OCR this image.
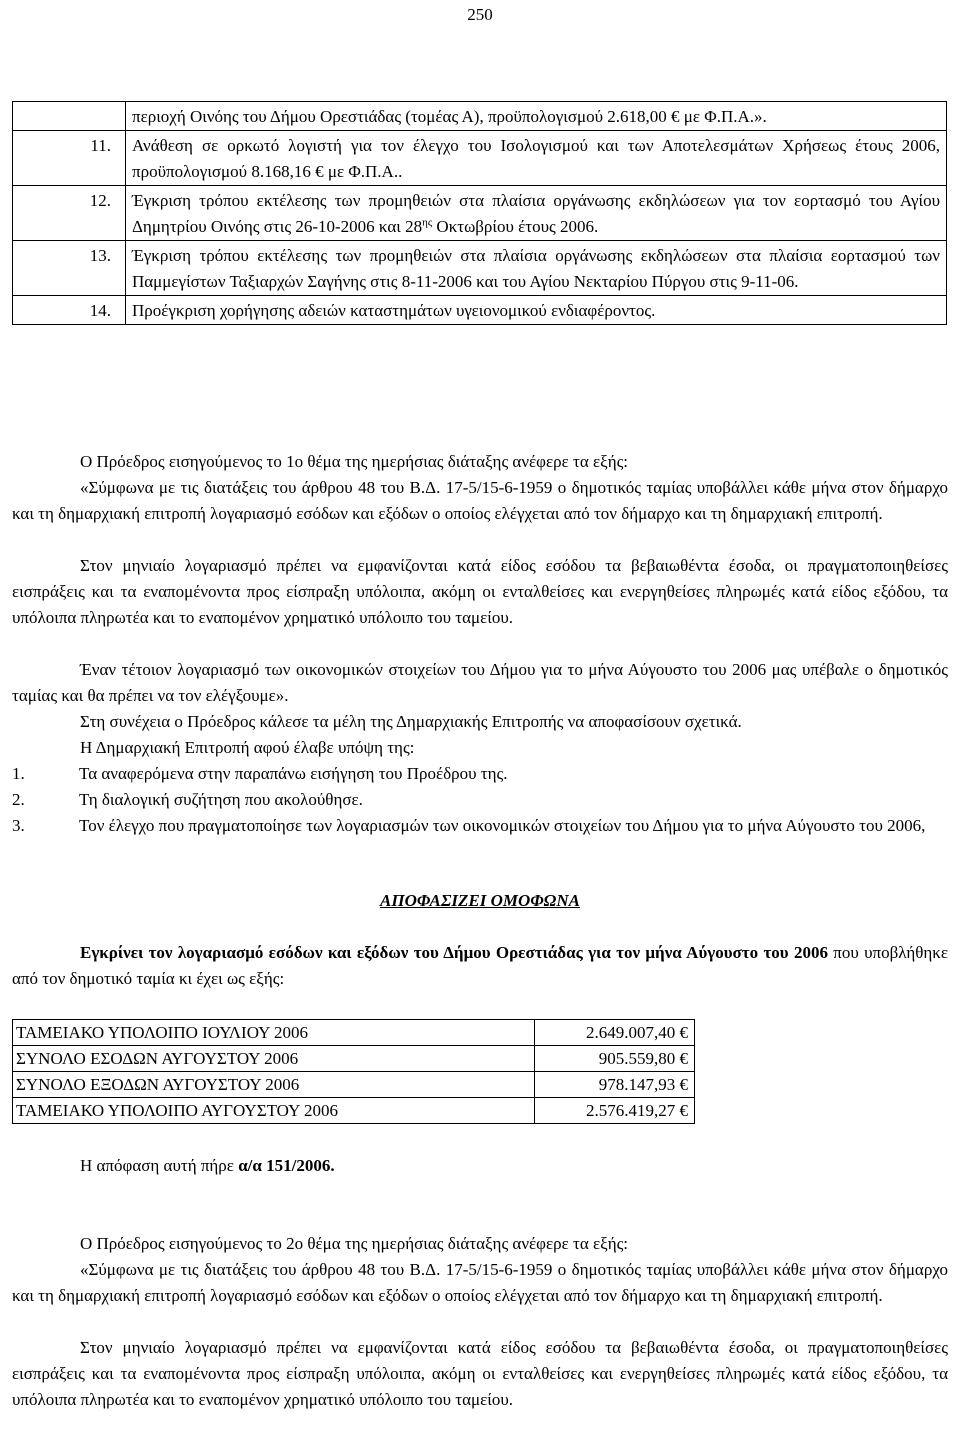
250
	περιοχή Οινόης του Δήμου Ορεστιάδας (τομέας Α), προϋπολογισμού 2.618,00 € με Φ.Π.Α.».
11.	Ανάθεση σε ορκωτό λογιστή για τον έλεγχο του Ισολογισμού και των Αποτελεσμάτων Χρήσεως έτους 2006, προϋπολογισμού 8.168,16 € με Φ.Π.Α..
12.	Έγκριση τρόπου εκτέλεσης των προμηθειών στα πλαίσια οργάνωσης εκδηλώσεων για τον εορτασμό του Αγίου Δημητρίου Οινόης στις 26-10-2006 και $28^{\eta\varsigma}$ Οκτωβρίου έτους 2006.
13.	Έγκριση τρόπου εκτέλεσης των προμηθειών στα πλαίσια οργάνωσης εκδηλώσεων στα πλαίσια εορτασμού των Παμμεγίστων Ταξιαρχών Σαγήνης στις 8-11-2006 και του Αγίου Νεκταρίου Πύργου στις 9-11-06.
14.	Προέγκριση χορήγησης αδειών καταστημάτων υγειονομικού ενδιαφέροντος.
Ο Πρόεδρος εισηγούμενος το 1ο θέμα της ημερήσιας διάταξης ανέφερε τα εξής:
«Σύμφωνα με τις διατάξεις του άρθρου 48 του Β.Δ. 17-5/15-6-1959 ο δημοτικός ταμίας υποβάλλει κάθε μήνα στον δήμαρχο και τη δημαρχιακή επιτροπή λογαριασμό εσόδων και εξόδων ο οποίος ελέγχεται από τον δήμαρχο και τη δημαρχιακή επιτροπή.
Στον μηνιαίο λογαριασμό πρέπει να εμφανίζονται κατά είδος εσόδου τα βεβαιωθέντα έσοδα, οι πραγματοποιηθείσες εισπράξεις και τα εναπομένοντα προς είσπραξη υπόλοιπα, ακόμη οι ενταλθείσες και ενεργηθείσες πληρωμές κατά είδος εξόδου, τα υπόλοιπα πληρωτέα και το εναπομένον χρηματικό υπόλοιπο του ταμείου.
Έναν τέτοιον λογαριασμό των οικονομικών στοιχείων του Δήμου για το μήνα Αύγουστο του 2006 μας υπέβαλε ο δημοτικός ταμίας και θα πρέπει να τον ελέγξουμε».
Στη συνέχεια ο Πρόεδρος κάλεσε τα μέλη της Δημαρχιακής Επιτροπής να αποφασίσουν σχετικά.
Η Δημαρχιακή Επιτροπή αφού έλαβε υπόψη της:
1.	Τα αναφερόμενα στην παραπάνω εισήγηση του Προέδρου της.
2.	Τη διαλογική συζήτηση που ακολούθησε.
3.	Τον έλεγχο που πραγματοποίησε των λογαριασμών των οικονομικών στοιχείων του Δήμου για το μήνα Αύγουστο του 2006,
ΑΠΟΦΑΣΙΖΕΙ ΟΜΟΦΩΝΑ
Εγκρίνει τον λογαριασμό εσόδων και εξόδων του Δήμου Ορεστιάδας για τον μήνα Αύγουστο του 2006 που υποβλήθηκε από τον δημοτικό ταμία κι έχει ως εξής:
ΤΑΜΕΙΑΚΟ ΥΠΟΛΟΙΠΟ ΙΟΥΛΙΟΥ 2006	2.649.007,40 €
ΣΥΝΟΛΟ ΕΣΟΔΩΝ ΑΥΓΟΥΣΤΟΥ 2006	905.559,80 €
ΣΥΝΟΛΟ ΕΞΟΔΩΝ ΑΥΓΟΥΣΤΟΥ 2006	978.147,93 €
ΤΑΜΕΙΑΚΟ ΥΠΟΛΟΙΠΟ ΑΥΓΟΥΣΤΟΥ 2006	2.576.419,27 €
Η απόφαση αυτή πήρε α/α 151/2006.
Ο Πρόεδρος εισηγούμενος το 2ο θέμα της ημερήσιας διάταξης ανέφερε τα εξής:
«Σύμφωνα με τις διατάξεις του άρθρου 48 του Β.Δ. 17-5/15-6-1959 ο δημοτικός ταμίας υποβάλλει κάθε μήνα στον δήμαρχο και τη δημαρχιακή επιτροπή λογαριασμό εσόδων και εξόδων ο οποίος ελέγχεται από τον δήμαρχο και τη δημαρχιακή επιτροπή.
Στον μηνιαίο λογαριασμό πρέπει να εμφανίζονται κατά είδος εσόδου τα βεβαιωθέντα έσοδα, οι πραγματοποιηθείσες εισπράξεις και τα εναπομένοντα προς είσπραξη υπόλοιπα, ακόμη οι ενταλθείσες και ενεργηθείσες πληρωμές κατά είδος εξόδου, τα υπόλοιπα πληρωτέα και το εναπομένον χρηματικό υπόλοιπο του ταμείου.
